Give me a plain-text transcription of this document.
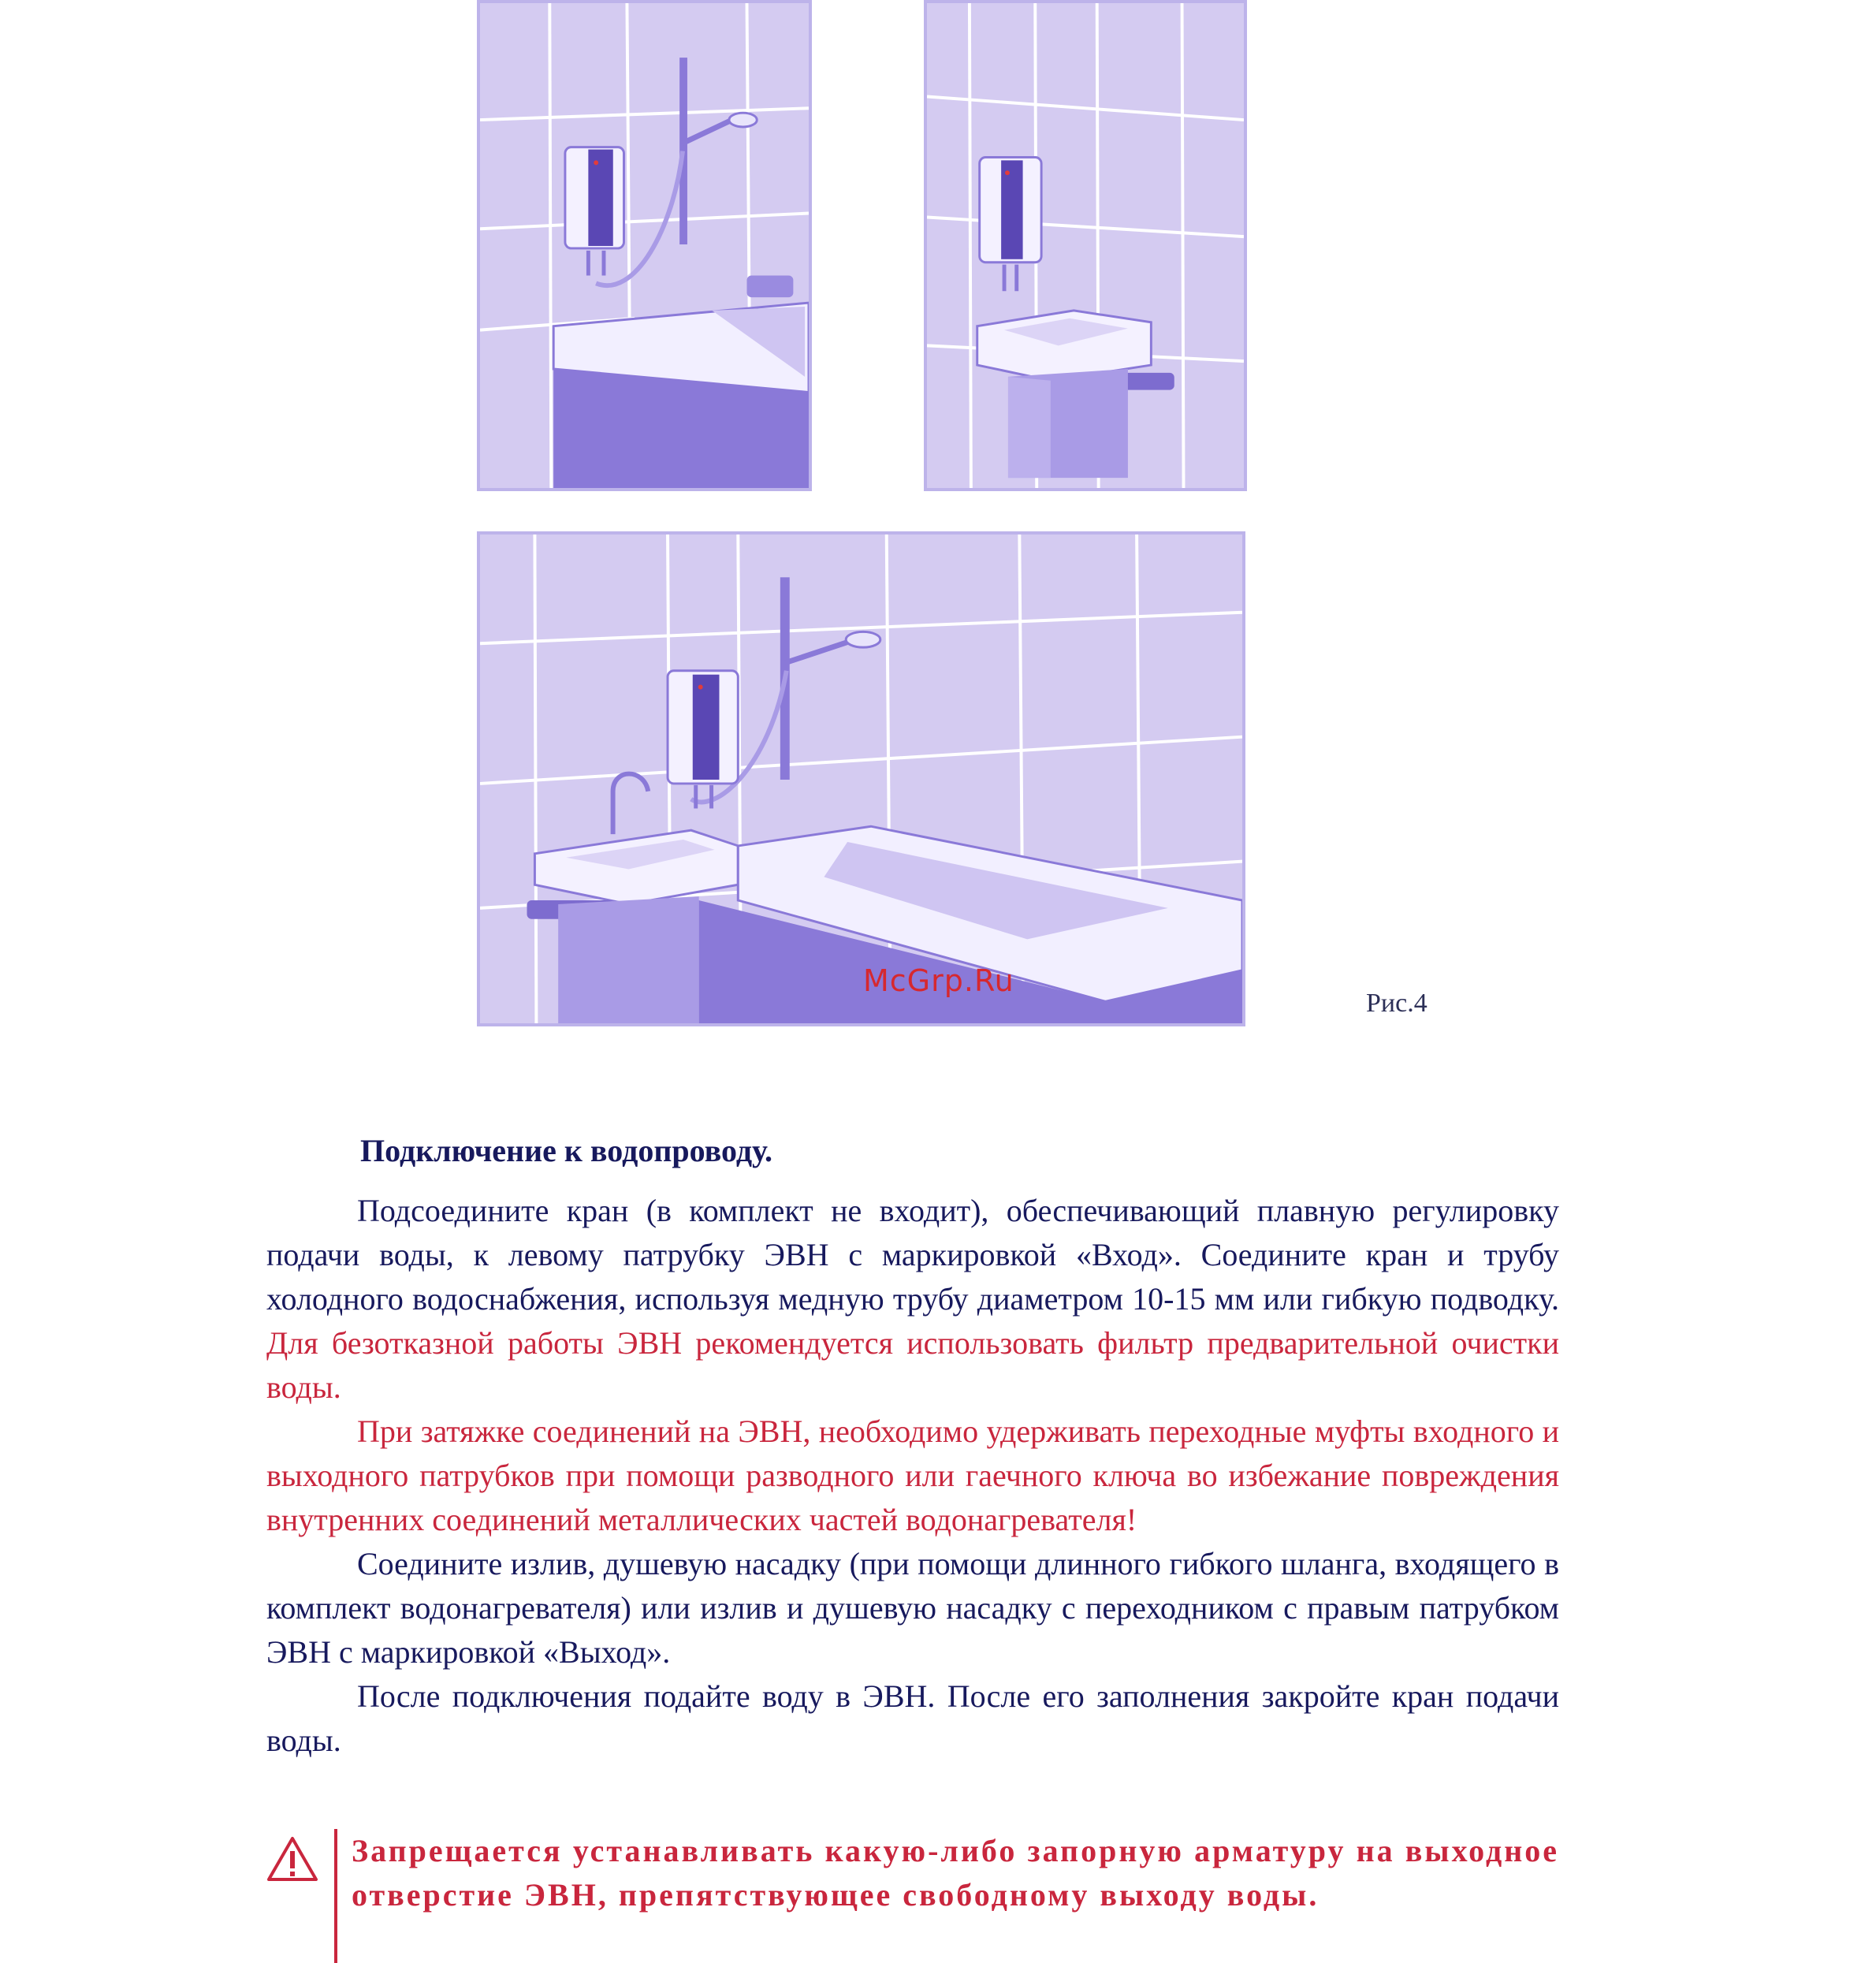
McGrp.Ru
Рис.4
Подключение к водопроводу.

Подсоедините кран (в комплект не входит), обеспечивающий плавную регулировку подачи воды, к левому патрубку ЭВН с маркировкой «Вход». Соедините кран и трубу холодного водоснабжения, используя медную трубу диаметром 10-15 мм или гибкую подводку. Для безотказной работы ЭВН рекомендуется использовать фильтр предварительной очистки воды.

При затяжке соединений на ЭВН, необходимо удерживать переходные муфты входного и выходного патрубков при помощи разводного или гаечного ключа во избежание повреждения внутренних соединений металлических частей водонагревателя!

Соедините излив, душевую насадку (при помощи длинного гибкого шланга, входящего в комплект водонагревателя) или излив и душевую насадку с переходником с правым патрубком ЭВН с маркировкой «Выход».

После подключения подайте воду в ЭВН. После его заполнения закройте кран подачи воды.

Запрещается устанавливать какую-либо запорную арматуру на выходное отверстие ЭВН, препятствующее свободному выходу воды.
